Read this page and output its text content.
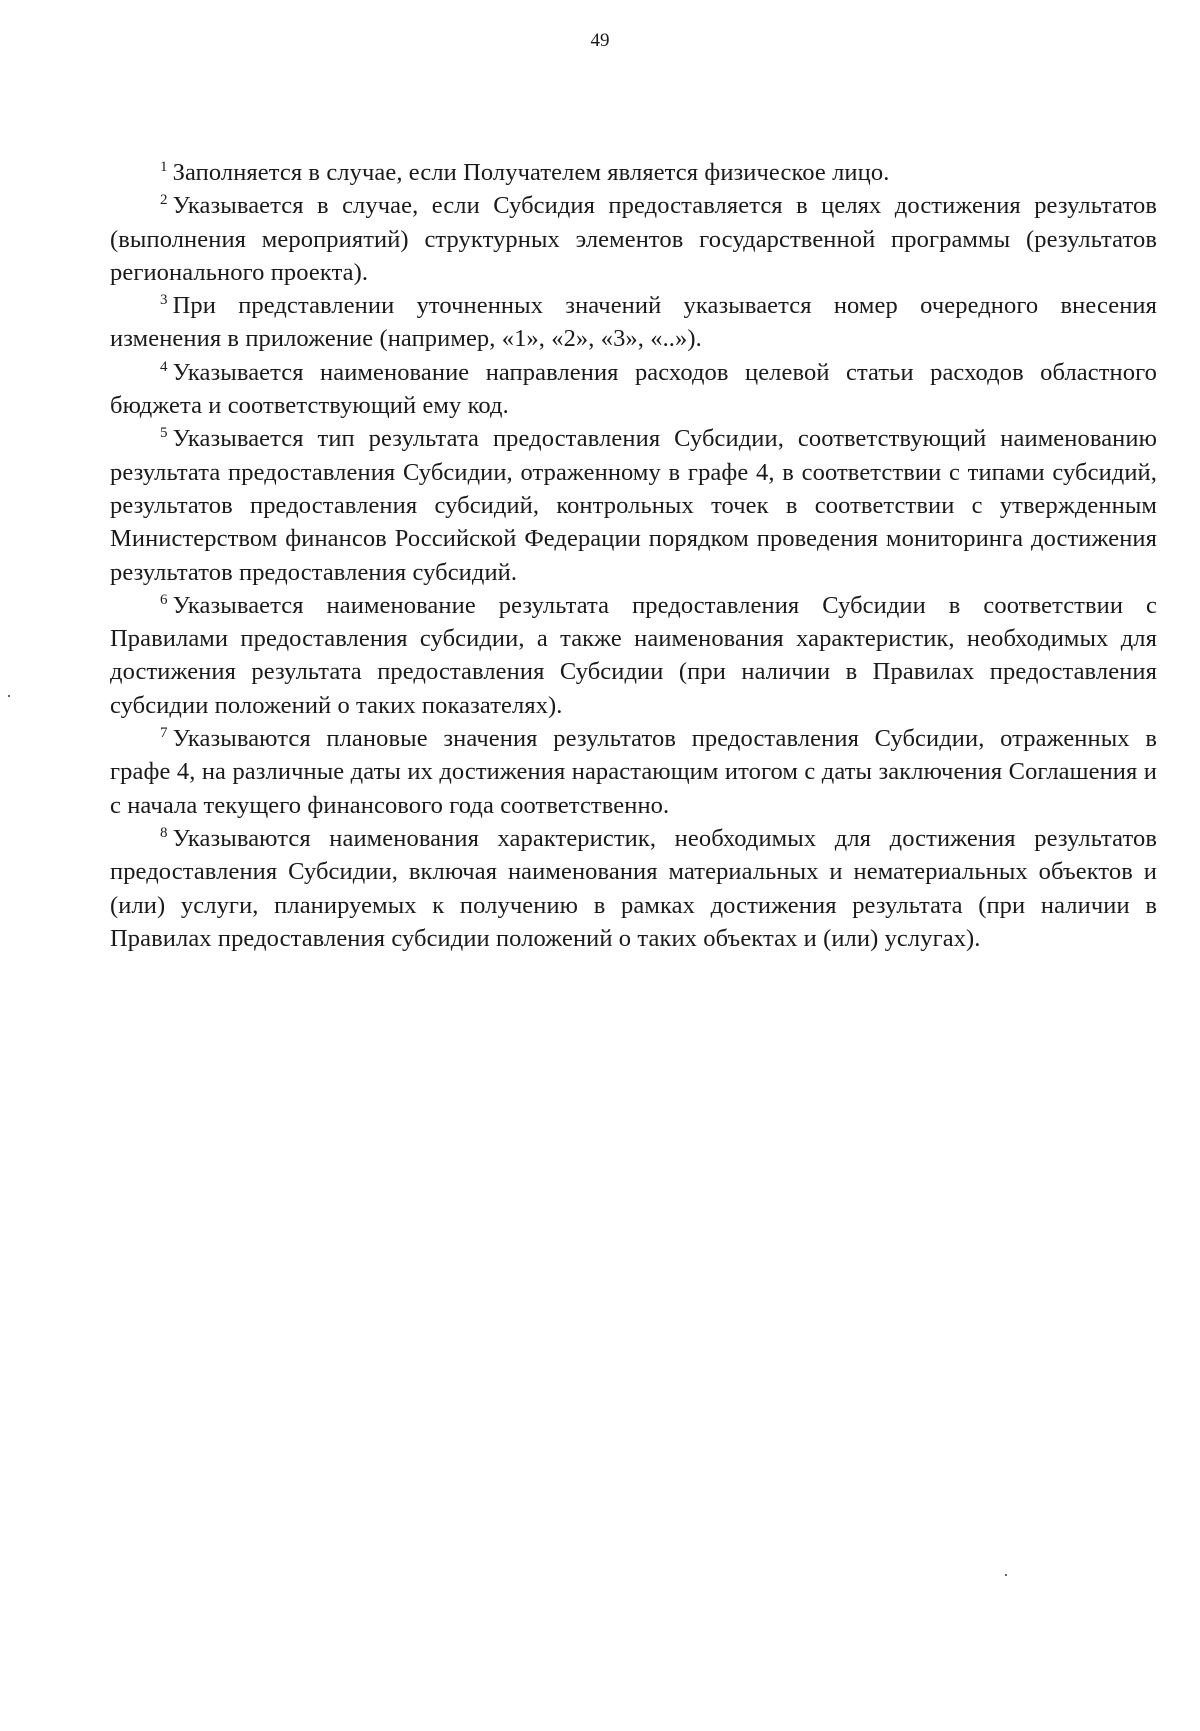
49

$^1$ Заполняется в случае, если Получателем является физическое лицо.

$^2$ Указывается в случае, если Субсидия предоставляется в целях достижения результатов (выполнения мероприятий) структурных элементов государственной программы (результатов регионального проекта).

$^3$ При представлении уточненных значений указывается номер очередного внесения изменения в приложение (например, «1», «2», «3», «..»).

$^4$ Указывается наименование направления расходов целевой статьи расходов областного бюджета и соответствующий ему код.

$^5$ Указывается тип результата предоставления Субсидии, соответствующий наименованию результата предоставления Субсидии, отраженному в графе 4, в соответствии с типами субсидий, результатов предоставления субсидий, контрольных точек в соответствии с утвержденным Министерством финансов Российской Федерации порядком проведения мониторинга достижения результатов предоставления субсидий.

$^6$ Указывается наименование результата предоставления Субсидии в соответствии с Правилами предоставления субсидии, а также наименования характеристик, необходимых для достижения результата предоставления Субсидии (при наличии в Правилах предоставления субсидии положений о таких показателях).

$^7$ Указываются плановые значения результатов предоставления Субсидии, отраженных в графе 4, на различные даты их достижения нарастающим итогом с даты заключения Соглашения и с начала текущего финансового года соответственно.

$^8$ Указываются наименования характеристик, необходимых для достижения результатов предоставления Субсидии, включая наименования материальных и нематериальных объектов и (или) услуги, планируемых к получению в рамках достижения результата (при наличии в Правилах предоставления субсидии положений о таких объектах и (или) услугах).
